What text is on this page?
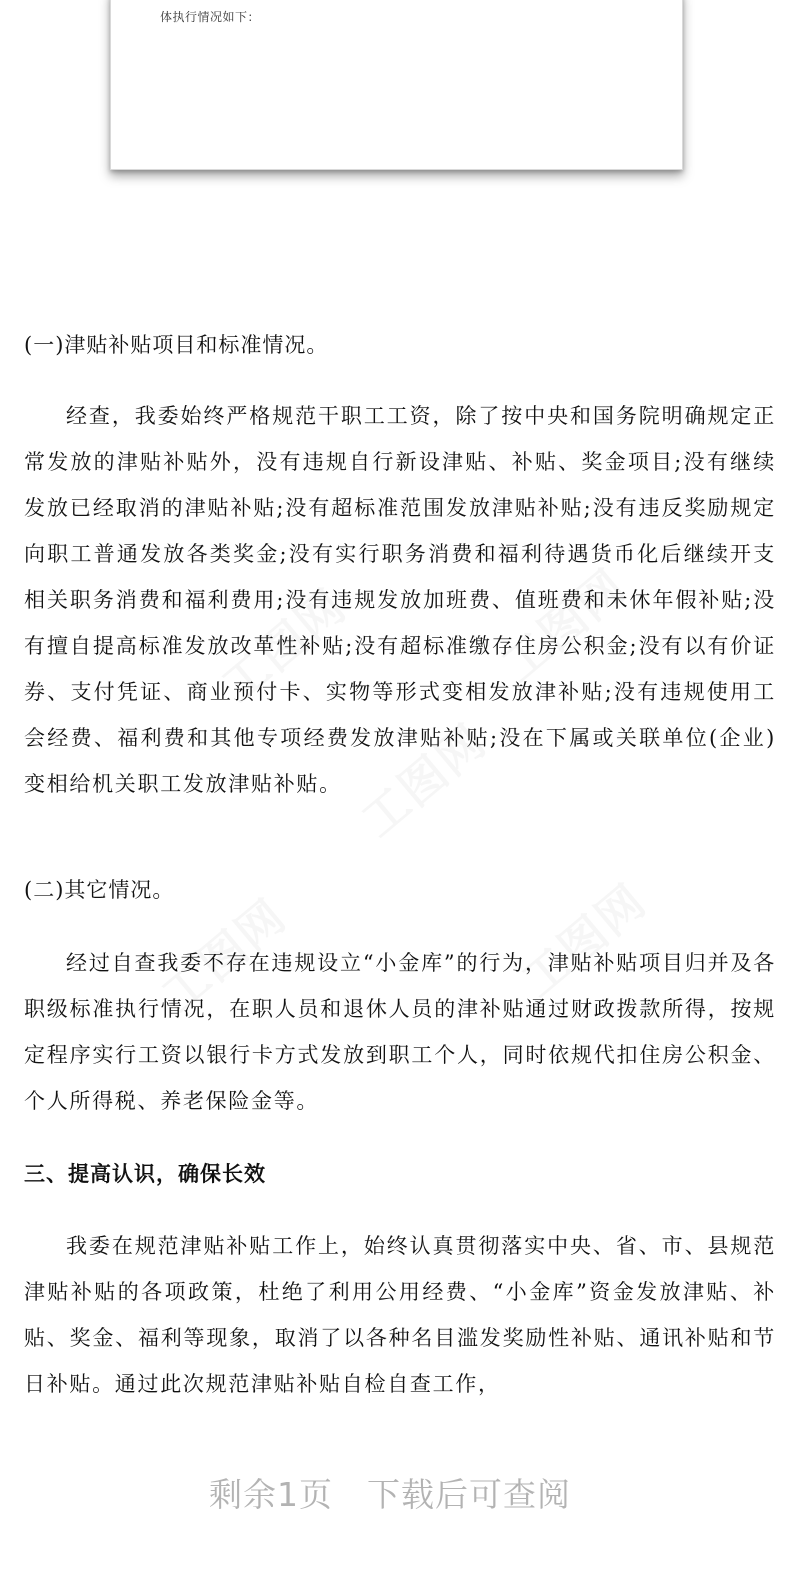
体执行情况如下：

(一)津贴补贴项目和标准情况。

经查，我委始终严格规范干职工工资，除了按中央和国务院明确规定正常发放的津贴补贴外，没有违规自行新设津贴、补贴、奖金项目;没有继续发放已经取消的津贴补贴;没有超标准范围发放津贴补贴;没有违反奖励规定向职工普通发放各类奖金;没有实行职务消费和福利待遇货币化后继续开支相关职务消费和福利费用;没有违规发放加班费、值班费和未休年假补贴;没有擅自提高标准发放改革性补贴;没有超标准缴存住房公积金;没有以有价证券、支付凭证、商业预付卡、实物等形式变相发放津补贴;没有违规使用工会经费、福利费和其他专项经费发放津贴补贴;没在下属或关联单位(企业)变相给机关职工发放津贴补贴。

(二)其它情况。

经过自查我委不存在违规设立“小金库”的行为，津贴补贴项目归并及各职级标准执行情况，在职人员和退休人员的津补贴通过财政拨款所得，按规定程序实行工资以银行卡方式发放到职工个人，同时依规代扣住房公积金、个人所得税、养老保险金等。

三、提高认识，确保长效

我委在规范津贴补贴工作上，始终认真贯彻落实中央、省、市、县规范津贴补贴的各项政策，杜绝了利用公用经费、“小金库”资金发放津贴、补贴、奖金、福利等现象，取消了以各种名目滥发奖励性补贴、通讯补贴和节日补贴。通过此次规范津贴补贴自检自查工作，

剩余1页 下载后可查阅
